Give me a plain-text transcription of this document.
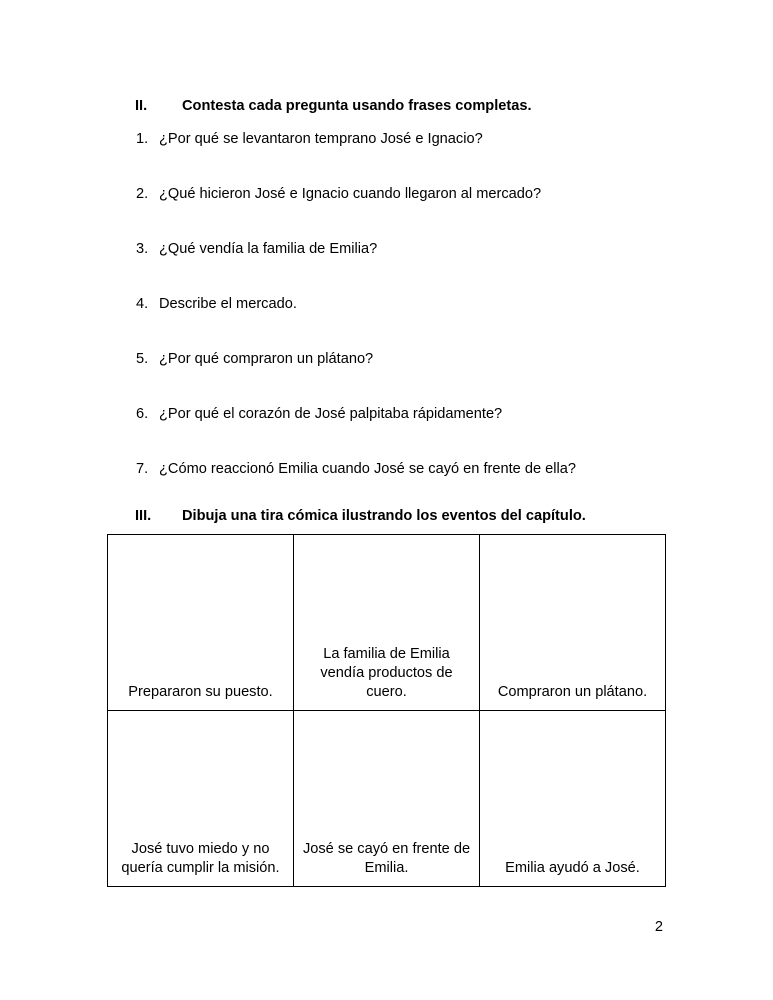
II.	Contesta cada pregunta usando frases completas.
1. ¿Por qué se levantaron temprano José e Ignacio?
2. ¿Qué hicieron José e Ignacio cuando llegaron al mercado?
3. ¿Qué vendía la familia de Emilia?
4. Describe el mercado.
5. ¿Por qué compraron un plátano?
6. ¿Por qué el corazón de José palpitaba rápidamente?
7. ¿Cómo reaccionó Emilia cuando José se cayó en frente de ella?
III.	Dibuja una tira cómica ilustrando los eventos del capítulo.
Prepararon su puesto.	La familia de Emilia vendía productos de cuero.	Compraron un plátano.

José tuvo miedo y no quería cumplir la misión.	José se cayó en frente de Emilia.	Emilia ayudó a José.
2
